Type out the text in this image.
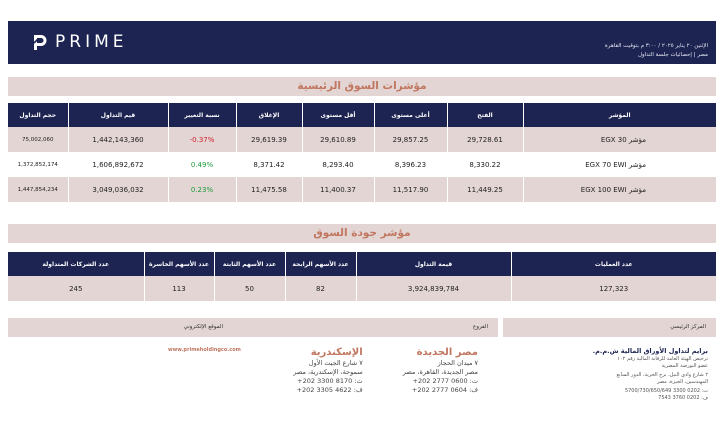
PRIME	الإثنين ٢٠ يناير ٢٠٢٥ / ٣:٠٠ م بتوقيت القاهرة
مصر | إحصائيات جلسة التداول
مؤشرات السوق الرئيسية
حجم التداول	قيم التداول	نسبة التغيير	الإغلاق	أقل مستوى	أعلى مستوى	الفتح	المؤشر
75,002,060	1,442,143,360	-0.37%	29,619.39	29,610.89	29,857.25	29,728.61	مؤشر EGX 30
1,372,852,174	1,606,892,672	0.49%	8,371.42	8,293.40	8,396.23	8,330.22	مؤشر EGX 70 EWI
1,447,854,234	3,049,036,032	0.23%	11,475.58	11,400.37	11,517.90	11,449.25	مؤشر EGX 100 EWI
مؤشر جودة السوق
عدد الشركات المتداولة	عدد الأسهم الخاسرة	عدد الأسهم الثابتة	عدد الأسهم الرابحة	قيمة التداول	عدد العمليات
245	113	50	82	3,924,839,784	127,323
الموقع الإلكتروني
www.primeholdingco.com
الفروع
مصر الجديدة
٧ ميدان الحجاز
مصر الجديدة، القاهرة، مصر
ت: 0600 2777 202+
ف: 0604 2777 202+
الإسكندرية
٧ شارع الجيت الأول
سموحة، الإسكندرية، مصر
ت: 8170 3300 202+
ف: 4622 3305 202+
المركز الرئيسي
برايم لتداول الأوراق المالية ش.م.م.
ترخيص الهيئة العامة للرقابة المالية رقم ١٠٢
عضو البورصة المصرية
٢ شارع وادي النيل، برج الحرية، الدور السابع
المهندسين، الجيزة، مصر
ت: 0202 3300 5700/730/650/649
ف: 0202 3760 7543
